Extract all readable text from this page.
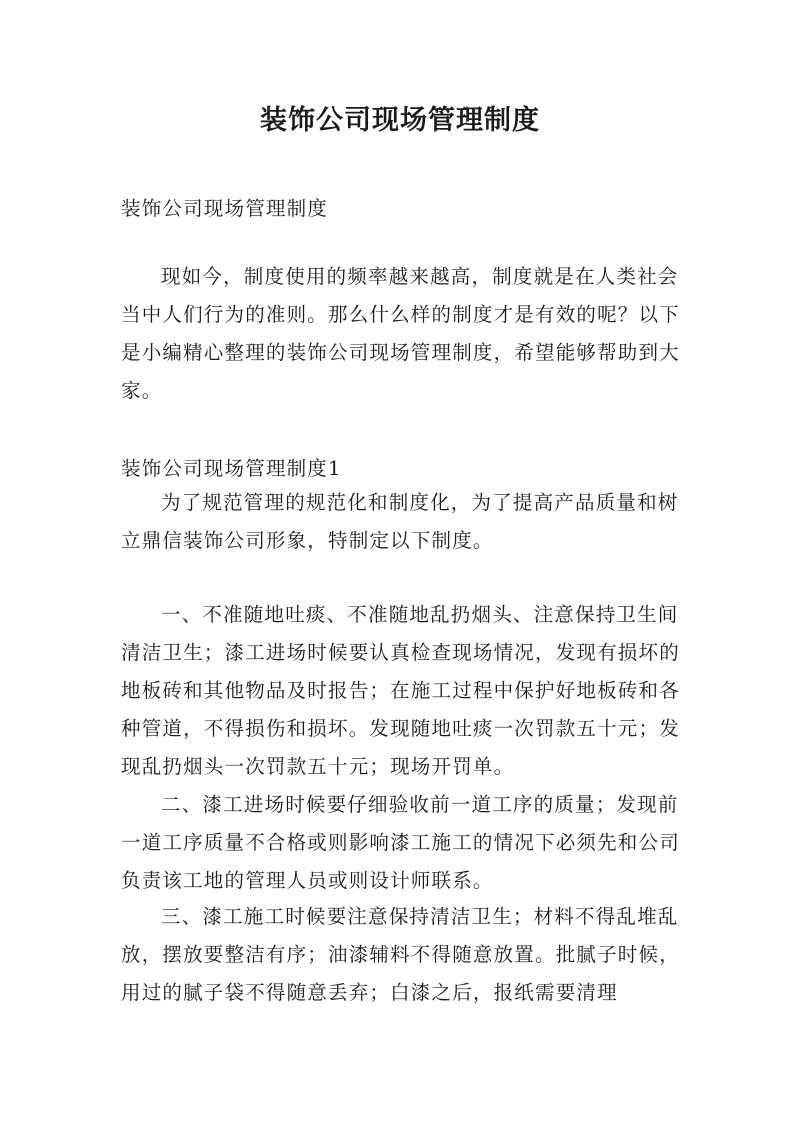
装饰公司现场管理制度

装饰公司现场管理制度

现如今，制度使用的频率越来越高，制度就是在人类社会当中人们行为的准则。那么什么样的制度才是有效的呢？以下是小编精心整理的装饰公司现场管理制度，希望能够帮助到大家。

装饰公司现场管理制度1

为了规范管理的规范化和制度化，为了提高产品质量和树立鼎信装饰公司形象，特制定以下制度。

一、不准随地吐痰、不准随地乱扔烟头、注意保持卫生间清洁卫生；漆工进场时候要认真检查现场情况，发现有损坏的地板砖和其他物品及时报告；在施工过程中保护好地板砖和各种管道，不得损伤和损坏。发现随地吐痰一次罚款五十元；发现乱扔烟头一次罚款五十元；现场开罚单。

二、漆工进场时候要仔细验收前一道工序的质量；发现前一道工序质量不合格或则影响漆工施工的情况下必须先和公司负责该工地的管理人员或则设计师联系。

三、漆工施工时候要注意保持清洁卫生；材料不得乱堆乱放，摆放要整洁有序；油漆辅料不得随意放置。批腻子时候，用过的腻子袋不得随意丢弃；白漆之后，报纸需要清理
